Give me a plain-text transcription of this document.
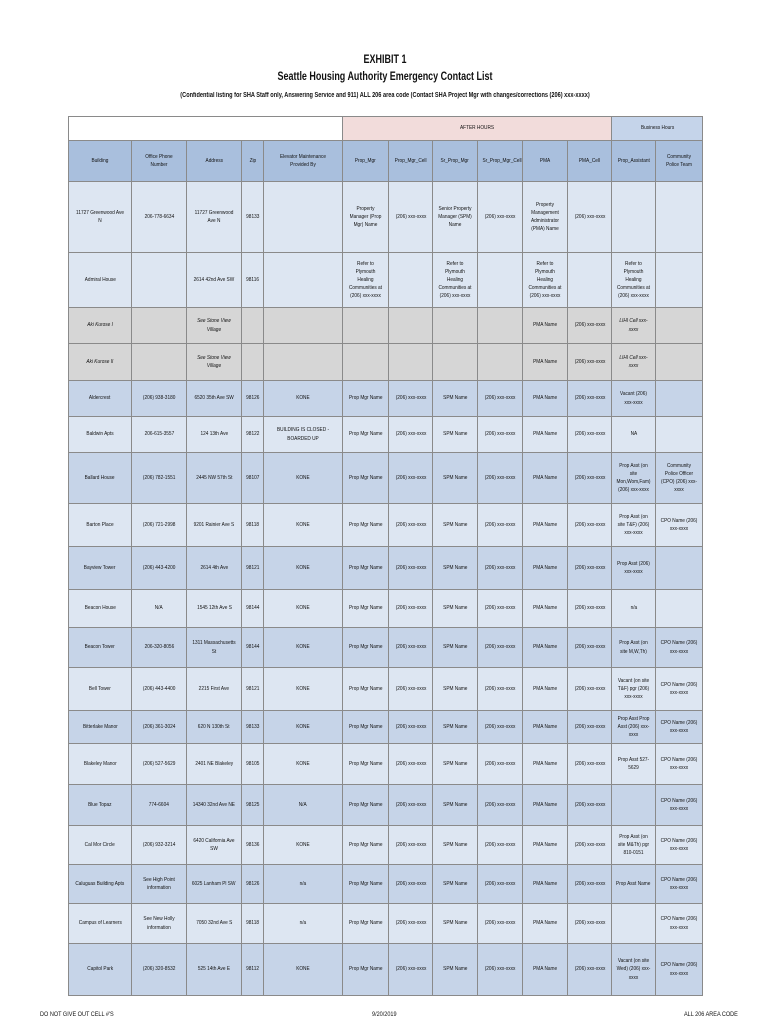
EXHIBIT 1
Seattle Housing Authority Emergency Contact List
(Confidential listing for SHA Staff only, Answering Service and 911) ALL 206 area code (Contact SHA Project Mgr with changes/corrections (206) xxx-xxxx)
					AFTER HOURS						Business Hours	
Building	Office Phone Number	Address	Zip	Elevator Maintenance Provided By	Prop_Mgr	Prop_Mgr_Cell	Sr_Prop_Mgr	Sr_Prop_Mgr_Cell	PMA	PMA_Cell	Prop_Assistant	Community Police Team
11727 Greenwood Ave N	206-778-6634	11727 Greenwood Ave N	98133		Property Manager (Prop Mgr) Name	(206) xxx-xxxx	Senior Property Manager (SPM) Name	(206) xxx-xxxx	Property Management Administrator (PMA) Name	(206) xxx-xxxx		
Admiral House		2614 42nd Ave SW	98116		Refer to Plymouth Healing Communities at (206) xxx-xxxx		Refer to Plymouth Healing Communities at (206) xxx-xxxx		Refer to Plymouth Healing Communities at (206) xxx-xxxx		Refer to Plymouth Healing Communities at (206) xxx-xxxx	
Aki Kurose I		See Stone View Village							PMA Name	(206) xxx-xxxx	LIHI Cell xxx-xxxx	
Aki Kurose II		See Stone View Village							PMA Name	(206) xxx-xxxx	LIHI Cell xxx-xxxx	
Aldercrest	(206) 938-3180	6520 35th Ave SW	98126	KONE	Prop Mgr Name	(206) xxx-xxxx	SPM Name	(206) xxx-xxxx	PMA Name	(206) xxx-xxxx	Vacant (206) xxx-xxxx	
Baldwin Apts	206-615-3557	124 13th Ave	98122	BUILDING IS CLOSED - BOARDED UP	Prop Mgr Name	(206) xxx-xxxx	SPM Name	(206) xxx-xxxx	PMA Name	(206) xxx-xxxx	NA	
Ballard House	(206) 782-1551	2445 NW 57th St	98107	KONE	Prop Mgr Name	(206) xxx-xxxx	SPM Name	(206) xxx-xxxx	PMA Name	(206) xxx-xxxx	Prop Asst (on site Mon,Wom,Fam) (206) xxx-xxxx	Community Police Officer (CPO) (206) xxx-xxxx
Barton Place	(206) 721-2998	9201 Rainier Ave S	98118	KONE	Prop Mgr Name	(206) xxx-xxxx	SPM Name	(206) xxx-xxxx	PMA Name	(206) xxx-xxxx	Prop Asst (on site T&F) (206) xxx-xxxx	CPO Name (206) xxx-xxxx
Bayview Tower	(206) 443-4200	2614 4th Ave	98121	KONE	Prop Mgr Name	(206) xxx-xxxx	SPM Name	(206) xxx-xxxx	PMA Name	(206) xxx-xxxx	Prop Asst (206) xxx-xxxx	
Beacon House	N/A	1545 12th Ave S	98144	KONE	Prop Mgr Name	(206) xxx-xxxx	SPM Name	(206) xxx-xxxx	PMA Name	(206) xxx-xxxx	n/a	
Beacon Tower	206-320-8056	1311 Massachusetts St	98144	KONE	Prop Mgr Name	(206) xxx-xxxx	SPM Name	(206) xxx-xxxx	PMA Name	(206) xxx-xxxx	Prop Asst (on site M,W,Th)	CPO Name (206) xxx-xxxx
Bell Tower	(206) 443-4400	2215 First Ave	98121	KONE	Prop Mgr Name	(206) xxx-xxxx	SPM Name	(206) xxx-xxxx	PMA Name	(206) xxx-xxxx	Vacant (on site T&F) pgr (206) xxx-xxxx	CPO Name (206) xxx-xxxx
Bitterlake Manor	(206) 361-3024	620 N 130th St	98133	KONE	Prop Mgr Name	(206) xxx-xxxx	SPM Name	(206) xxx-xxxx	PMA Name	(206) xxx-xxxx	Prop Asst Prop Asst (206) xxx-xxxx	CPO Name (206) xxx-xxxx
Blakeley Manor	(206) 527-5629	2401 NE Blakeley	98105	KONE	Prop Mgr Name	(206) xxx-xxxx	SPM Name	(206) xxx-xxxx	PMA Name	(206) xxx-xxxx	Prop Asst 527-5629	CPO Name (206) xxx-xxxx
Blue Topaz	774-6604	14340 32nd Ave NE	98125	N/A	Prop Mgr Name	(206) xxx-xxxx	SPM Name	(206) xxx-xxxx	PMA Name	(206) xxx-xxxx		CPO Name (206) xxx-xxxx
Cal Mor Circle	(206) 932-3214	6420 California Ave SW	98136	KONE	Prop Mgr Name	(206) xxx-xxxx	SPM Name	(206) xxx-xxxx	PMA Name	(206) xxx-xxxx	Prop Asst (on site M&Th) pgr 810-0151	CPO Name (206) xxx-xxxx
Caluguas Building Apts	See High Point information	6025 Lanham Pl SW	98126	n/a	Prop Mgr Name	(206) xxx-xxxx	SPM Name	(206) xxx-xxxx	PMA Name	(206) xxx-xxxx	Prop Asst Name	CPO Name (206) xxx-xxxx
Campus of Learners	See New Holly information	7050 32nd Ave S	98118	n/a	Prop Mgr Name	(206) xxx-xxxx	SPM Name	(206) xxx-xxxx	PMA Name	(206) xxx-xxxx		CPO Name (206) xxx-xxxx
Capitol Park	(206) 320-8532	525 14th Ave E	98112	KONE	Prop Mgr Name	(206) xxx-xxxx	SPM Name	(206) xxx-xxxx	PMA Name	(206) xxx-xxxx	Vacant (on site Wed) (206) xxx-xxxx	CPO Name (206) xxx-xxxx
DO NOT GIVE OUT CELL #'S	9/20/2019	ALL 206 AREA CODE
